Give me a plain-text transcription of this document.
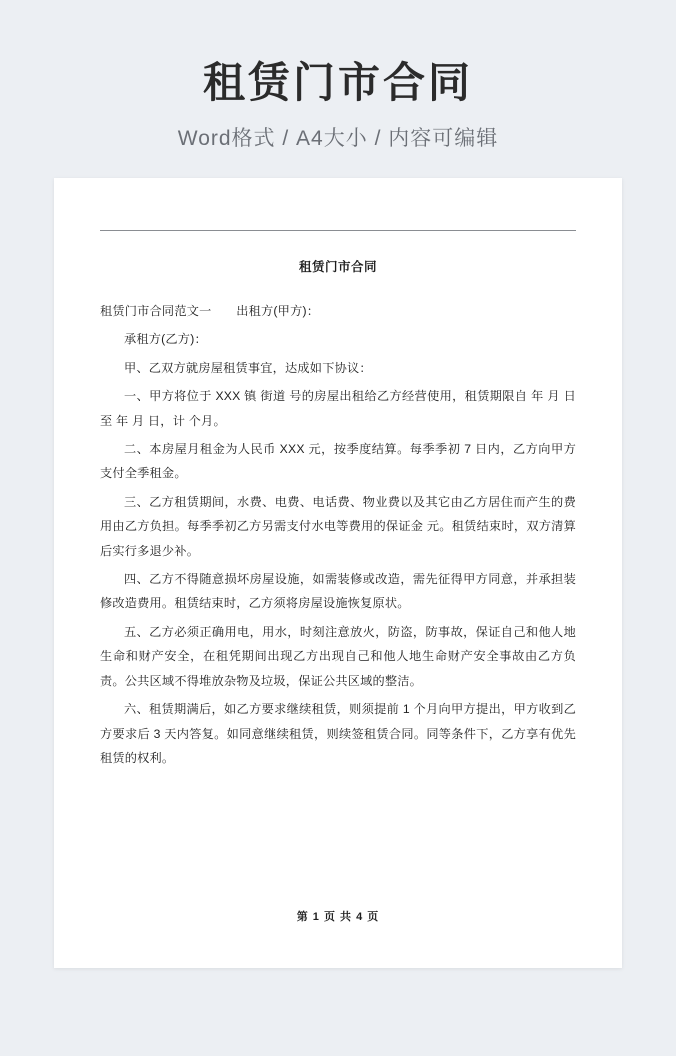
租赁门市合同
Word格式 / A4大小 / 内容可编辑
租赁门市合同

租赁门市合同范文一　　出租方(甲方)：

承租方(乙方)：

甲、乙双方就房屋租赁事宜，达成如下协议：

一、甲方将位于 XXX 镇 街道 号的房屋出租给乙方经营使用，租赁期限自 年 月 日至 年 月 日，计 个月。

二、本房屋月租金为人民币 XXX 元，按季度结算。每季季初 7 日内，乙方向甲方支付全季租金。

三、乙方租赁期间，水费、电费、电话费、物业费以及其它由乙方居住而产生的费用由乙方负担。每季季初乙方另需支付水电等费用的保证金 元。租赁结束时，双方清算后实行多退少补。

四、乙方不得随意损坏房屋设施，如需装修或改造，需先征得甲方同意，并承担装修改造费用。租赁结束时，乙方须将房屋设施恢复原状。

五、乙方必须正确用电，用水，时刻注意放火，防盗，防事故，保证自己和他人地生命和财产安全，在租凭期间出现乙方出现自己和他人地生命财产安全事故由乙方负责。公共区域不得堆放杂物及垃圾，保证公共区域的整洁。

六、租赁期满后，如乙方要求继续租赁，则须提前 1 个月向甲方提出，甲方收到乙方要求后 3 天内答复。如同意继续租赁，则续签租赁合同。同等条件下，乙方享有优先租赁的权利。

第 1 页 共 4 页
